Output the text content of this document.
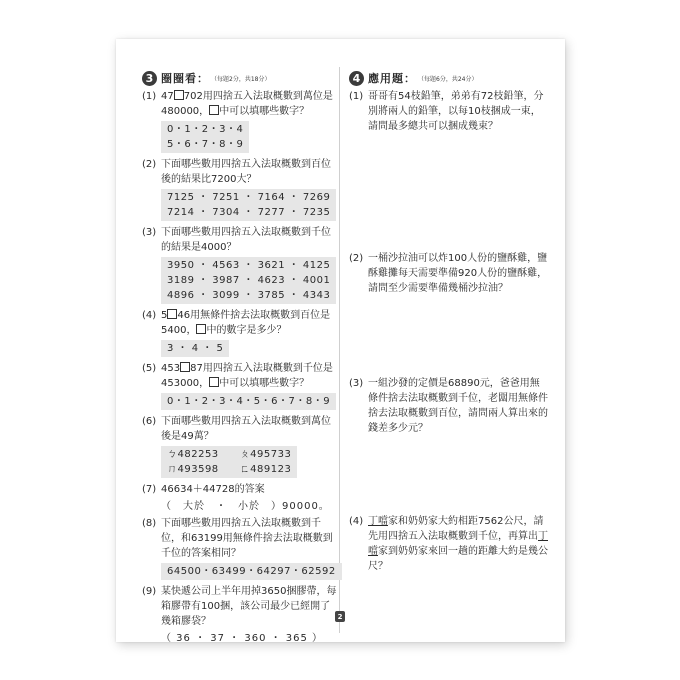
3 圈圈看： （每題2分，共18分）
(1) 47 702用四捨五入法取概數到萬位是480000， 中可以填哪些數字？
0・1・2・3・4
5・6・7・8・9
(2) 下面哪些數用四捨五入法取概數到百位後的結果比7200大？
7125 ・ 7251 ・ 7164 ・ 7269
7214 ・ 7304 ・ 7277 ・ 7235
(3) 下面哪些數用四捨五入法取概數到千位的結果是4000？
3950 ・ 4563 ・ 3621 ・ 4125
3189 ・ 3987 ・ 4623 ・ 4001
4896 ・ 3099 ・ 3785 ・ 4343
(4) 5 46用無條件捨去法取概數到百位是5400， 中的數字是多少？
3 ・ 4 ・ 5
(5) 453 87用四捨五入法取概數到千位是453000， 中可以填哪些數字？
0・1・2・3・4・5・6・7・8・9
(6) 下面哪些數用四捨五入法取概數到萬位後是49萬？
ㄅ482253　　ㄆ495733
ㄇ493598　　ㄈ489123
(7) 46634＋44728的答案
（　大於　・　小於　）90000。
(8) 下面哪些數用四捨五入法取概數到千位，和63199用無條件捨去法取概數到千位的答案相同？
64500・63499・64297・62592
(9) 某快遞公司上半年用掉3650捆膠帶，每箱膠帶有100捆，該公司最少已經開了幾箱膠袋？
（ 36 ・ 37 ・ 360 ・ 365 ）
4 應用題： （每題6分，共24分）
(1) 哥哥有54枝鉛筆，弟弟有72枝鉛筆，分別將兩人的鉛筆，以每10枝捆成一束，請問最多總共可以捆成幾束？
(2) 一桶沙拉油可以炸100人份的鹽酥雞，鹽酥雞攤每天需要準備920人份的鹽酥雞，請問至少需要準備幾桶沙拉油？
(3) 一組沙發的定價是68890元，爸爸用無條件捨去法取概數到千位，老闆用無條件捨去法取概數到百位，請問兩人算出來的錢差多少元？
(4) 丁噹家和奶奶家大約相距7562公尺，請先用四捨五入法取概數到千位，再算出丁噹家到奶奶家來回一趟的距離大約是幾公尺？
2
